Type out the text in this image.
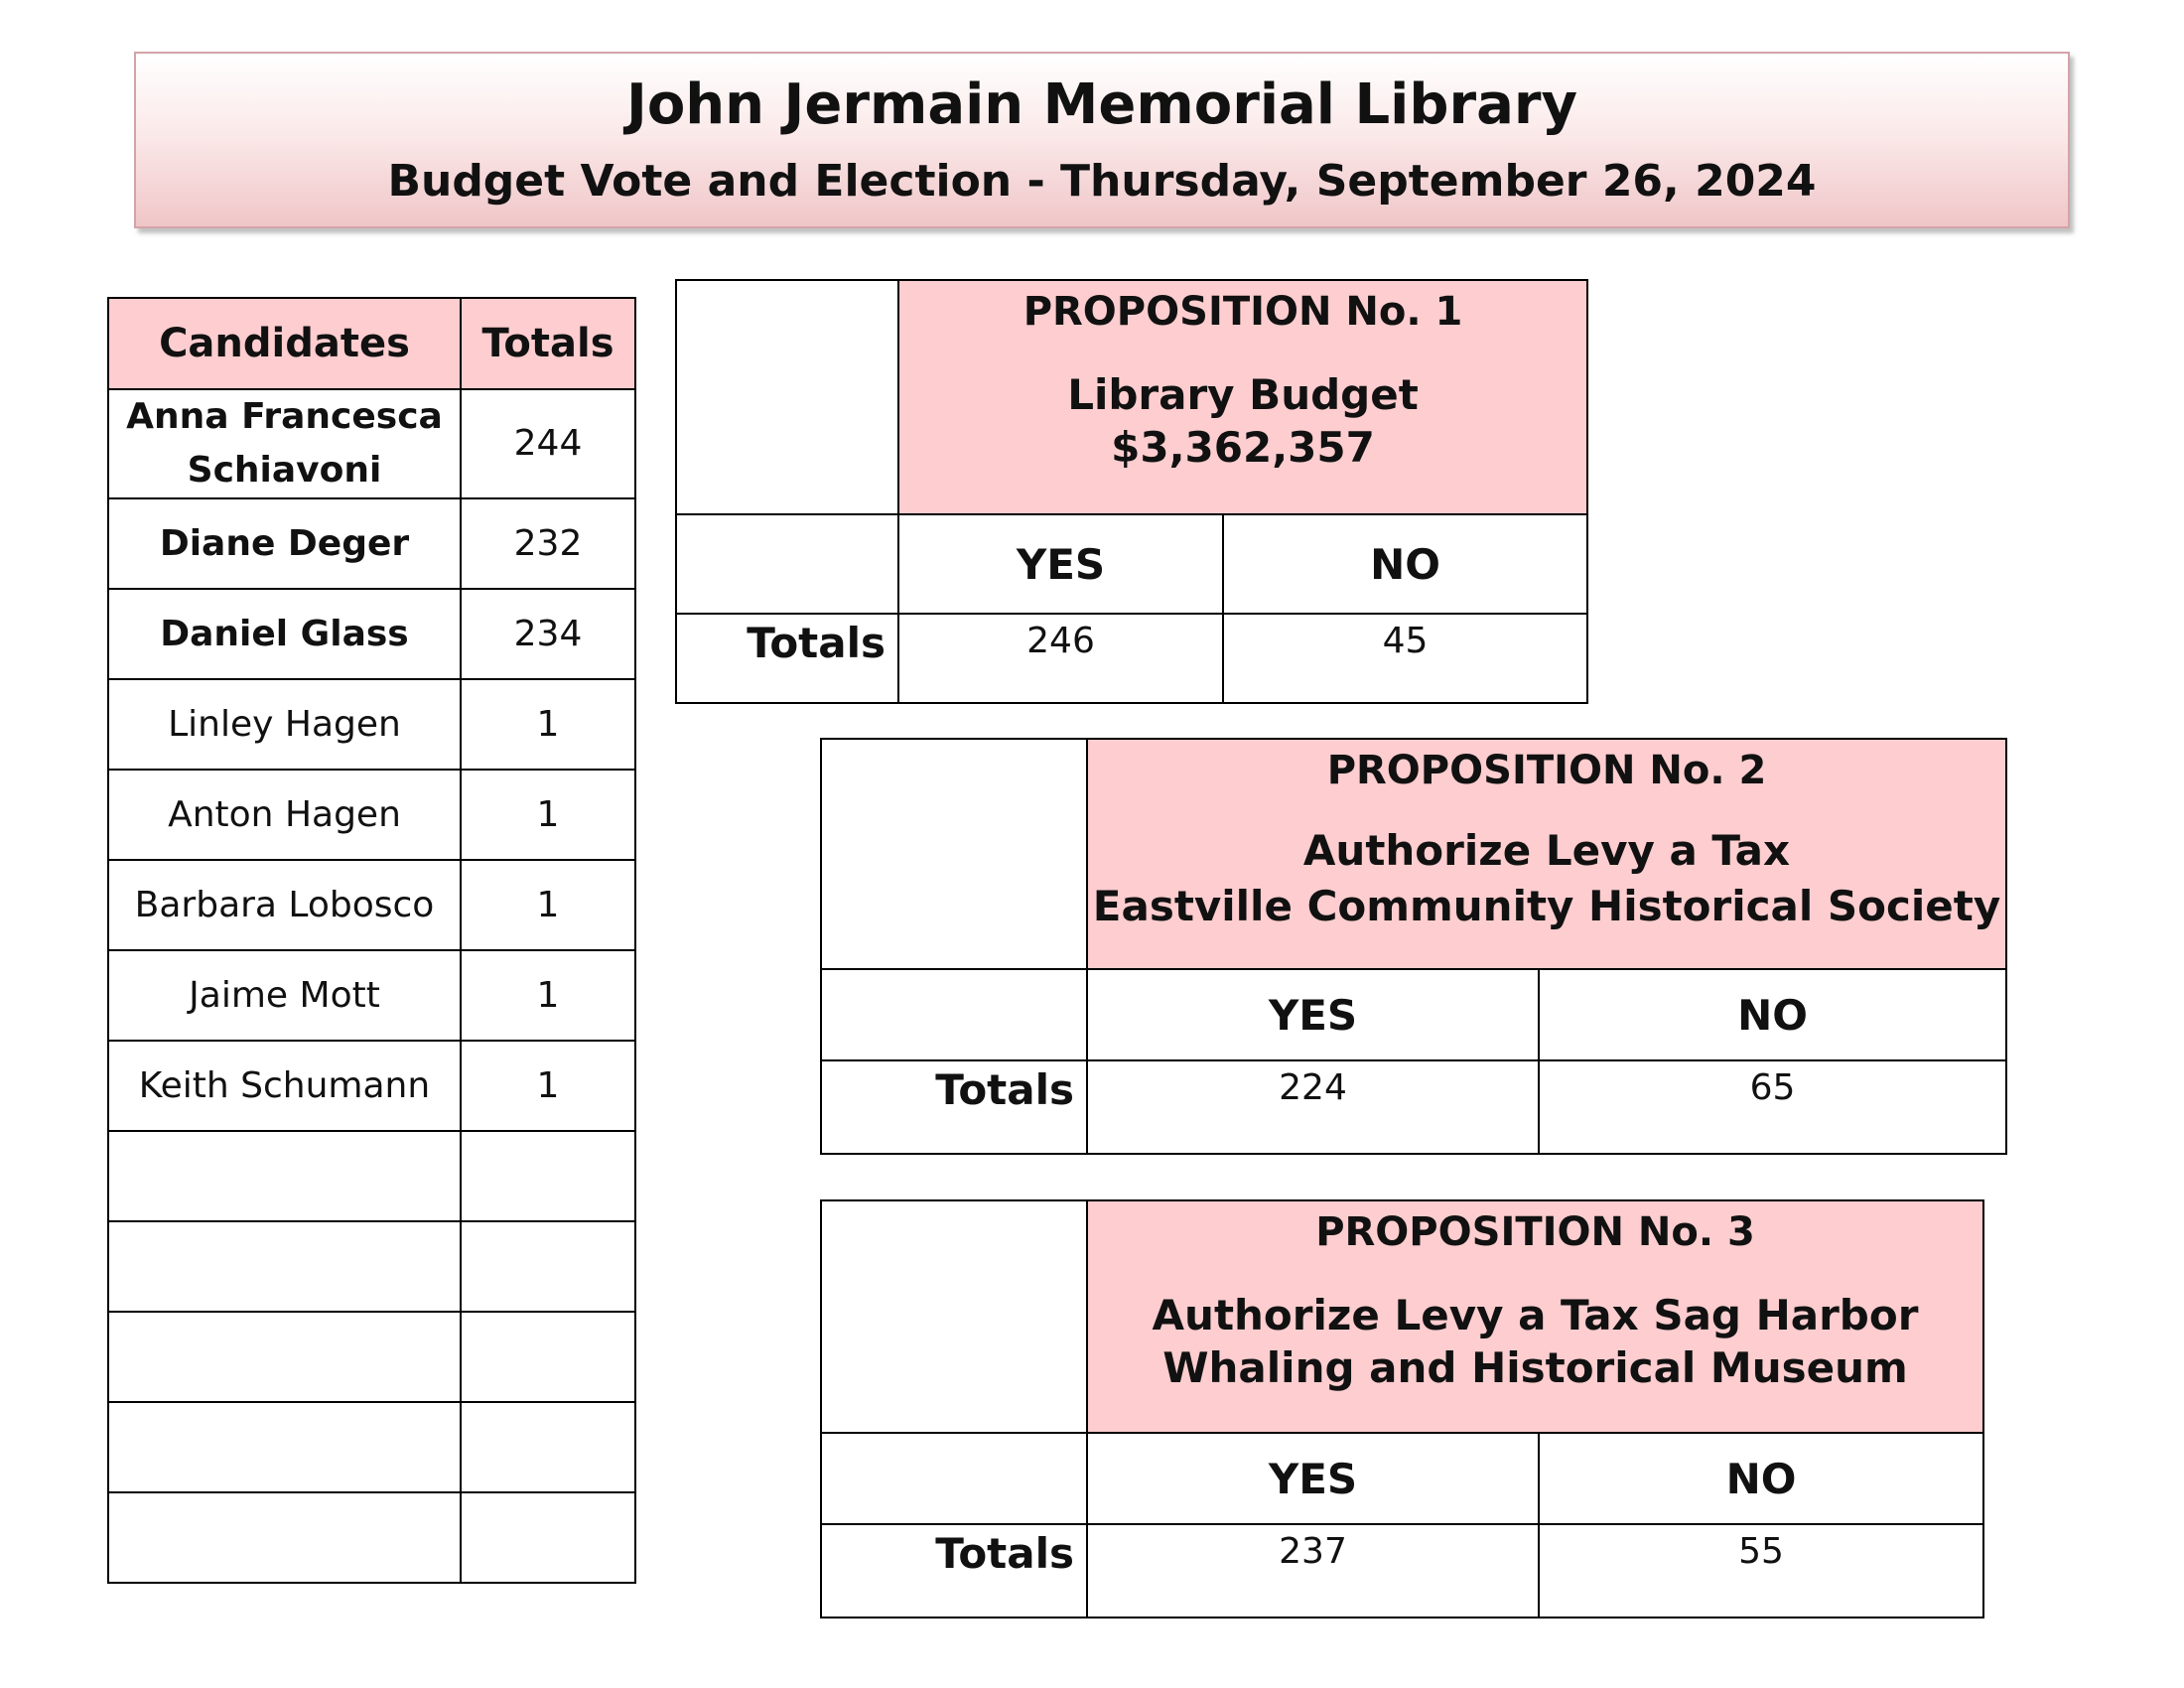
John Jermain Memorial Library
Budget Vote and Election - Thursday, September 26, 2024
Candidates	Totals
Anna Francesca Schiavoni	244
Diane Deger	232
Daniel Glass	234
Linley Hagen	1
Anton Hagen	1
Barbara Lobosco	1
Jaime Mott	1
Keith Schumann	1

	PROPOSITION No. 1
Library Budget
$3,362,357	

	YES	NO
Totals	246	45

	PROPOSITION No. 2
Authorize Levy a Tax
Eastville Community Historical Society	

	YES	NO
Totals	224	65

	PROPOSITION No. 3
Authorize Levy a Tax Sag Harbor
Whaling and Historical Museum	

	YES	NO
Totals	237	55
